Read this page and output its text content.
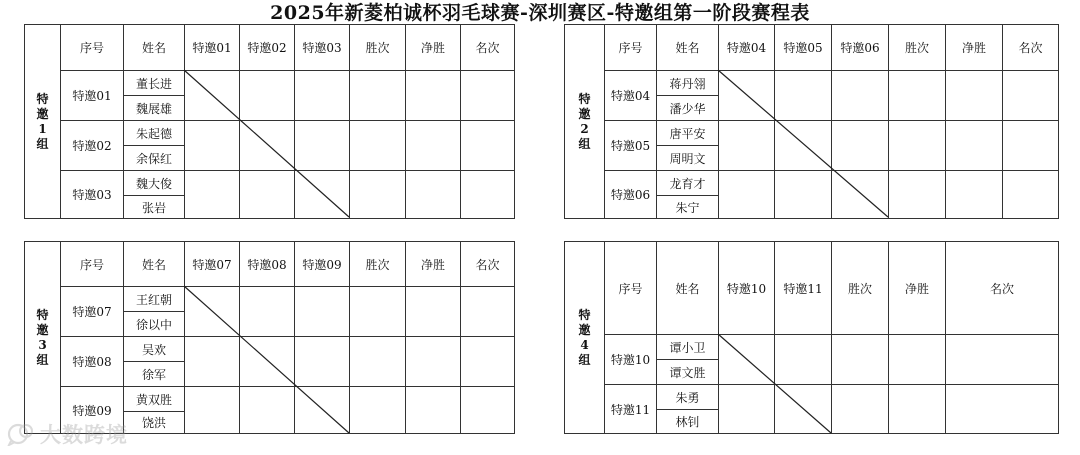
2025年新菱柏诚杯羽毛球赛-深圳赛区-特邀组第一阶段赛程表
特
邀
1
组	序号	姓名	特邀01	特邀02	特邀03	胜次	净胜	名次
	特邀01	董长进						
		魏展雄						
	特邀02	朱起德						
		余保红						
	特邀03	魏大俊						
		张岩						
特
邀
2
组	序号	姓名	特邀04	特邀05	特邀06	胜次	净胜	名次
	特邀04	蒋丹翎						
		潘少华						
	特邀05	唐平安						
		周明文						
	特邀06	龙育才						
		朱宁						
特
邀
3
组	序号	姓名	特邀07	特邀08	特邀09	胜次	净胜	名次
	特邀07	王红朝						
		徐以中						
	特邀08	吴欢						
		徐军						
	特邀09	黄双胜						
		饶洪						
特
邀
4
组	序号	姓名	特邀10	特邀11	胜次	净胜	名次
	特邀10	谭小卫					
		谭文胜					
	特邀11	朱勇					
		林钊					
大数跨境
